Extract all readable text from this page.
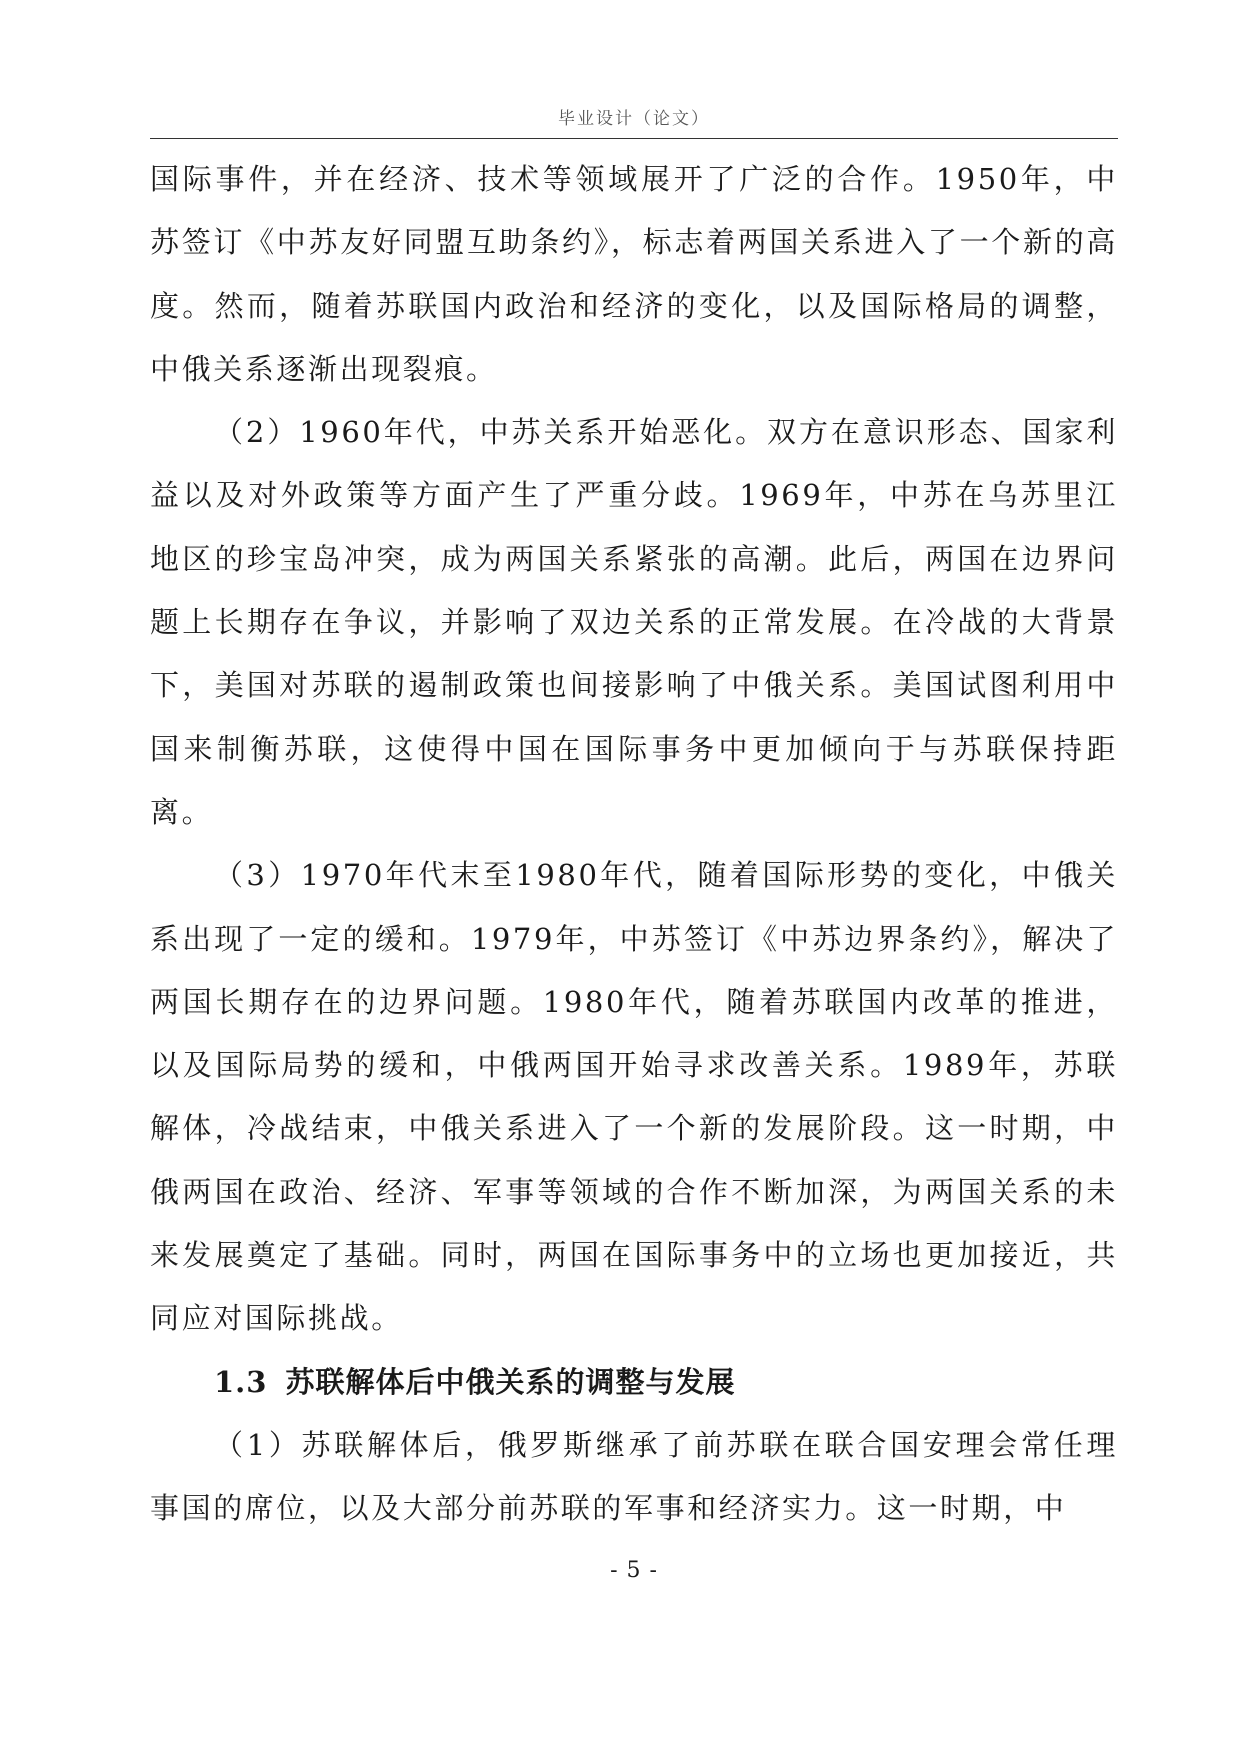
毕业设计（论文）

国际事件，并在经济、技术等领域展开了广泛的合作。1950年，中苏签订《中苏友好同盟互助条约》，标志着两国关系进入了一个新的高度。然而，随着苏联国内政治和经济的变化，以及国际格局的调整，中俄关系逐渐出现裂痕。

（2）1960年代，中苏关系开始恶化。双方在意识形态、国家利益以及对外政策等方面产生了严重分歧。1969年，中苏在乌苏里江地区的珍宝岛冲突，成为两国关系紧张的高潮。此后，两国在边界问题上长期存在争议，并影响了双边关系的正常发展。在冷战的大背景下，美国对苏联的遏制政策也间接影响了中俄关系。美国试图利用中国来制衡苏联，这使得中国在国际事务中更加倾向于与苏联保持距离。

（3）1970年代末至1980年代，随着国际形势的变化，中俄关系出现了一定的缓和。1979年，中苏签订《中苏边界条约》，解决了两国长期存在的边界问题。1980年代，随着苏联国内改革的推进，以及国际局势的缓和，中俄两国开始寻求改善关系。1989年，苏联解体，冷战结束，中俄关系进入了一个新的发展阶段。这一时期，中俄两国在政治、经济、军事等领域的合作不断加深，为两国关系的未来发展奠定了基础。同时，两国在国际事务中的立场也更加接近，共同应对国际挑战。

1.3 苏联解体后中俄关系的调整与发展

（1）苏联解体后，俄罗斯继承了前苏联在联合国安理会常任理事国的席位，以及大部分前苏联的军事和经济实力。这一时期，中

- 5 -
